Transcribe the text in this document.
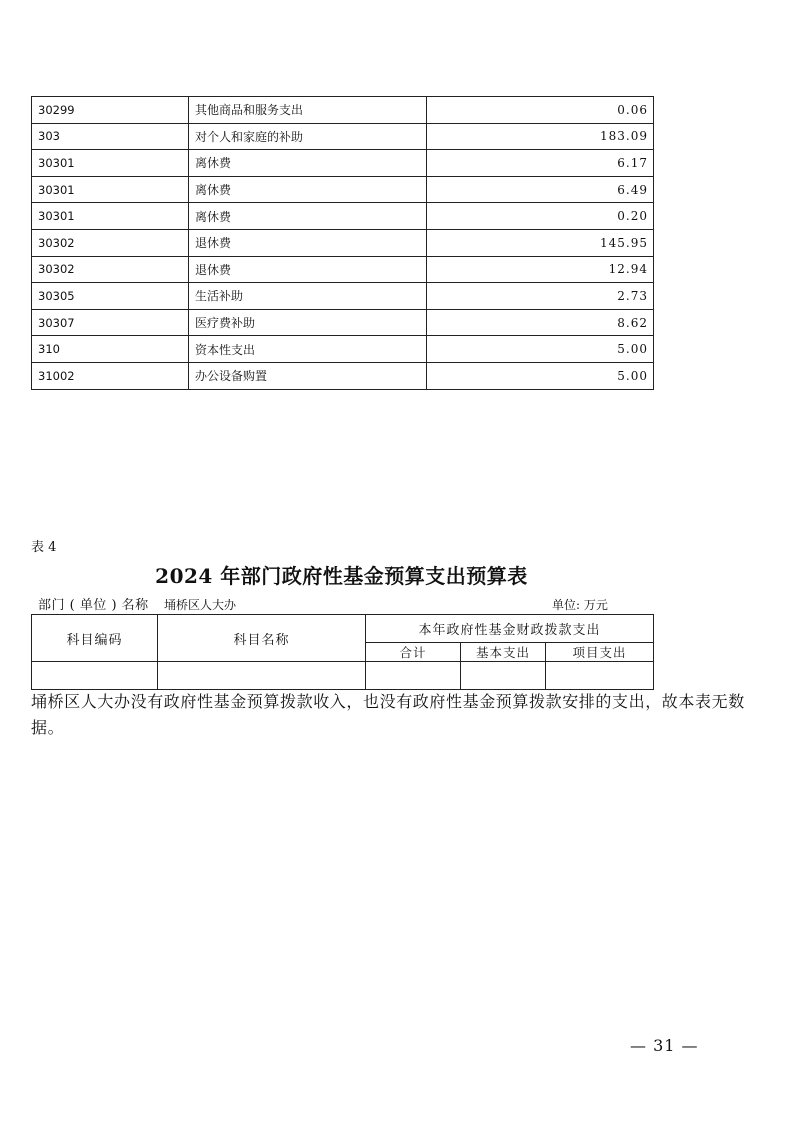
30299	其他商品和服务支出	0.06
303	对个人和家庭的补助	183.09
30301	离休费	6.17
30301	离休费	6.49
30301	离休费	0.20
30302	退休费	145.95
30302	退休费	12.94
30305	生活补助	2.73
30307	医疗费补助	8.62
310	资本性支出	5.00
31002	办公设备购置	5.00
表 4
2024 年部门政府性基金预算支出预算表
部门 ( 单位 ) 名称 埇桥区人大办	单位: 万元
科目编码	科目名称	本年政府性基金财政拨款支出		
		合计	基本支出	项目支出

埇桥区人大办没有政府性基金预算拨款收入，也没有政府性基金预算拨款安排的支出，故本表无数据。
— 31 —
